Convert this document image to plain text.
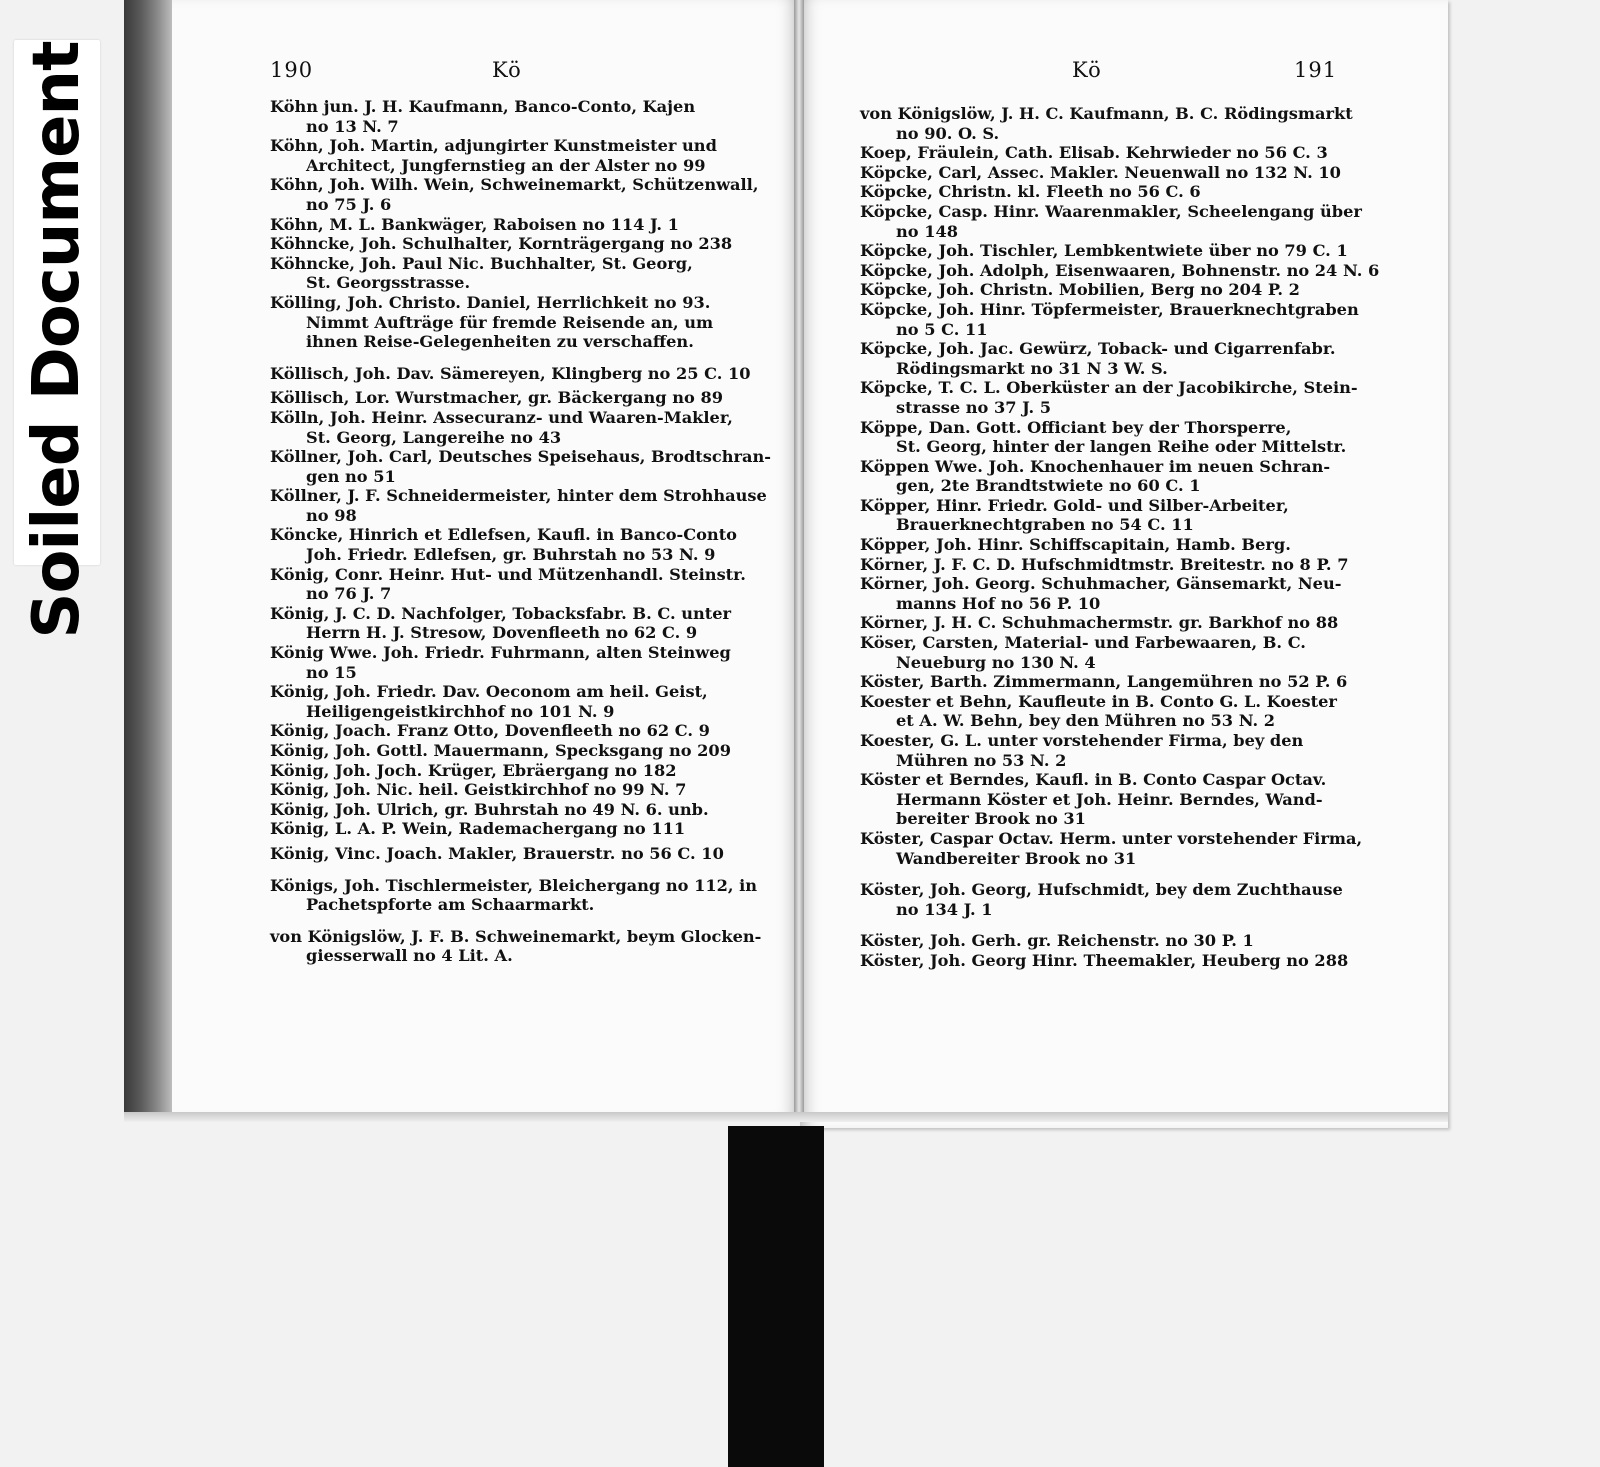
Soiled Document	190	Kö	Kö	191
Köhn jun. J. H. Kaufmann, Banco-Conto, Kajen
no 13 N. 7
Köhn, Joh. Martin, adjungirter Kunstmeister und
Architect, Jungfernstieg an der Alster no 99
Köhn, Joh. Wilh. Wein, Schweinemarkt, Schützenwall,
no 75 J. 6
Köhn, M. L. Bankwäger, Raboisen no 114 J. 1
Köhncke, Joh. Schulhalter, Kornträgergang no 238
Köhncke, Joh. Paul Nic. Buchhalter, St. Georg,
St. Georgsstrasse.
Kölling, Joh. Christo. Daniel, Herrlichkeit no 93.
Nimmt Aufträge für fremde Reisende an, um
ihnen Reise-Gelegenheiten zu verschaffen.
Köllisch, Joh. Dav. Sämereyen, Klingberg no 25 C. 10
Köllisch, Lor. Wurstmacher, gr. Bäckergang no 89
Kölln, Joh. Heinr. Assecuranz- und Waaren-Makler,
St. Georg, Langereihe no 43
Köllner, Joh. Carl, Deutsches Speisehaus, Brodtschran-
gen no 51
Köllner, J. F. Schneidermeister, hinter dem Strohhause
no 98
Köncke, Hinrich et Edlefsen, Kaufl. in Banco-Conto
Joh. Friedr. Edlefsen, gr. Buhrstah no 53 N. 9
König, Conr. Heinr. Hut- und Mützenhandl. Steinstr.
no 76 J. 7
König, J. C. D. Nachfolger, Tobacksfabr. B. C. unter
Herrn H. J. Stresow, Dovenfleeth no 62 C. 9
König Wwe. Joh. Friedr. Fuhrmann, alten Steinweg
no 15
König, Joh. Friedr. Dav. Oeconom am heil. Geist,
Heiligengeistkirchhof no 101 N. 9
König, Joach. Franz Otto, Dovenfleeth no 62 C. 9
König, Joh. Gottl. Mauermann, Specksgang no 209
König, Joh. Joch. Krüger, Ebräergang no 182
König, Joh. Nic. heil. Geistkirchhof no 99 N. 7
König, Joh. Ulrich, gr. Buhrstah no 49 N. 6. unb.
König, L. A. P. Wein, Rademachergang no 111
König, Vinc. Joach. Makler, Brauerstr. no 56 C. 10
Königs, Joh. Tischlermeister, Bleichergang no 112, in
Pachetspforte am Schaarmarkt.
von Königslöw, J. F. B. Schweinemarkt, beym Glocken-
giesserwall no 4 Lit. A.
von Königslöw, J. H. C. Kaufmann, B. C. Rödingsmarkt
no 90. O. S.
Koep, Fräulein, Cath. Elisab. Kehrwieder no 56 C. 3
Köpcke, Carl, Assec. Makler. Neuenwall no 132 N. 10
Köpcke, Christn. kl. Fleeth no 56 C. 6
Köpcke, Casp. Hinr. Waarenmakler, Scheelengang über
no 148
Köpcke, Joh. Tischler, Lembkentwiete über no 79 C. 1
Köpcke, Joh. Adolph, Eisenwaaren, Bohnenstr. no 24 N. 6
Köpcke, Joh. Christn. Mobilien, Berg no 204 P. 2
Köpcke, Joh. Hinr. Töpfermeister, Brauerknechtgraben
no 5 C. 11
Köpcke, Joh. Jac. Gewürz, Toback- und Cigarrenfabr.
Rödingsmarkt no 31 N 3 W. S.
Köpcke, T. C. L. Oberküster an der Jacobikirche, Stein-
strasse no 37 J. 5
Köppe, Dan. Gott. Officiant bey der Thorsperre,
St. Georg, hinter der langen Reihe oder Mittelstr.
Köppen Wwe. Joh. Knochenhauer im neuen Schran-
gen, 2te Brandtstwiete no 60 C. 1
Köpper, Hinr. Friedr. Gold- und Silber-Arbeiter,
Brauerknechtgraben no 54 C. 11
Köpper, Joh. Hinr. Schiffscapitain, Hamb. Berg.
Körner, J. F. C. D. Hufschmidtmstr. Breitestr. no 8 P. 7
Körner, Joh. Georg. Schuhmacher, Gänsemarkt, Neu-
manns Hof no 56 P. 10
Körner, J. H. C. Schuhmachermstr. gr. Barkhof no 88
Köser, Carsten, Material- und Farbewaaren, B. C.
Neueburg no 130 N. 4
Köster, Barth. Zimmermann, Langemühren no 52 P. 6
Koester et Behn, Kaufleute in B. Conto G. L. Koester
et A. W. Behn, bey den Mühren no 53 N. 2
Koester, G. L. unter vorstehender Firma, bey den
Mühren no 53 N. 2
Köster et Berndes, Kaufl. in B. Conto Caspar Octav.
Hermann Köster et Joh. Heinr. Berndes, Wand-
bereiter Brook no 31
Köster, Caspar Octav. Herm. unter vorstehender Firma,
Wandbereiter Brook no 31
Köster, Joh. Georg, Hufschmidt, bey dem Zuchthause
no 134 J. 1
Köster, Joh. Gerh. gr. Reichenstr. no 30 P. 1
Köster, Joh. Georg Hinr. Theemakler, Heuberg no 288
